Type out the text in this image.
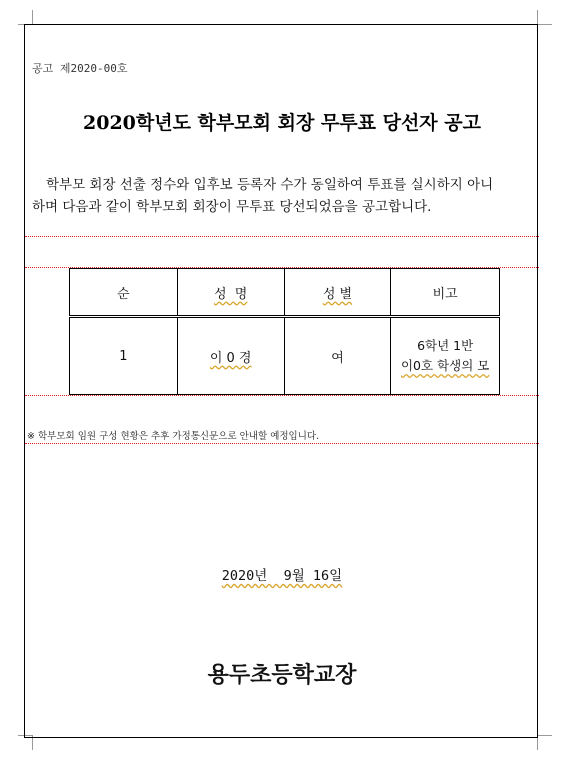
공고 제2020-00호
2020학년도 학부모회 회장 무투표 당선자 공고
학부모 회장 선출 정수와 입후보 등록자 수가 동일하여 투표를 실시하지 아니
하며 다음과 같이 학부모회 회장이 무투표 당선되었음을 공고합니다.
순	성  명	성 별	비고
1	이 0 경	여	6학년 1반
이0호 학생의 모
※ 학부모회 임원 구성 현황은 추후 가정통신문으로 안내할 예정입니다.
2020년  9월 16일
용두초등학교장
